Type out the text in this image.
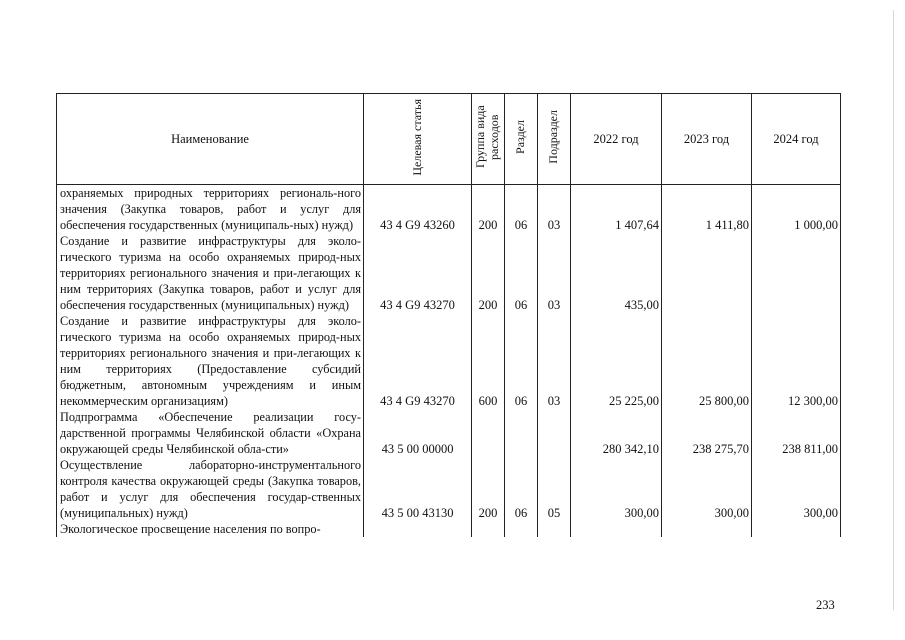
Наименование	Целевая статья	Группа вида расходов	Раздел	Подраздел	2022 год	2023 год	2024 год
охраняемых природных территориях региональ-ного значения (Закупка товаров, работ и услуг для обеспечения государственных (муниципаль-ных) нужд)	43 4 G9 43260	200	06	03	1 407,64	1 411,80	1 000,00
Создание и развитие инфраструктуры для эколо-гического туризма на особо охраняемых природ-ных территориях регионального значения и при-легающих к ним территориях (Закупка товаров, работ и услуг для обеспечения государственных (муниципальных) нужд)	43 4 G9 43270	200	06	03	435,00		
Создание и развитие инфраструктуры для эколо-гического туризма на особо охраняемых природ-ных территориях регионального значения и при-легающих к ним территориях (Предоставление субсидий бюджетным, автономным учреждениям и иным некоммерческим организациям)	43 4 G9 43270	600	06	03	25 225,00	25 800,00	12 300,00
Подпрограмма «Обеспечение реализации госу-дарственной программы Челябинской области «Охрана окружающей среды Челябинской обла-сти»	43 5 00 00000				280 342,10	238 275,70	238 811,00
Осуществление лабораторно-инструментального контроля качества окружающей среды (Закупка товаров, работ и услуг для обеспечения государ-ственных (муниципальных) нужд)	43 5 00 43130	200	06	05	300,00	300,00	300,00
Экологическое просвещение населения по вопро-							
233
